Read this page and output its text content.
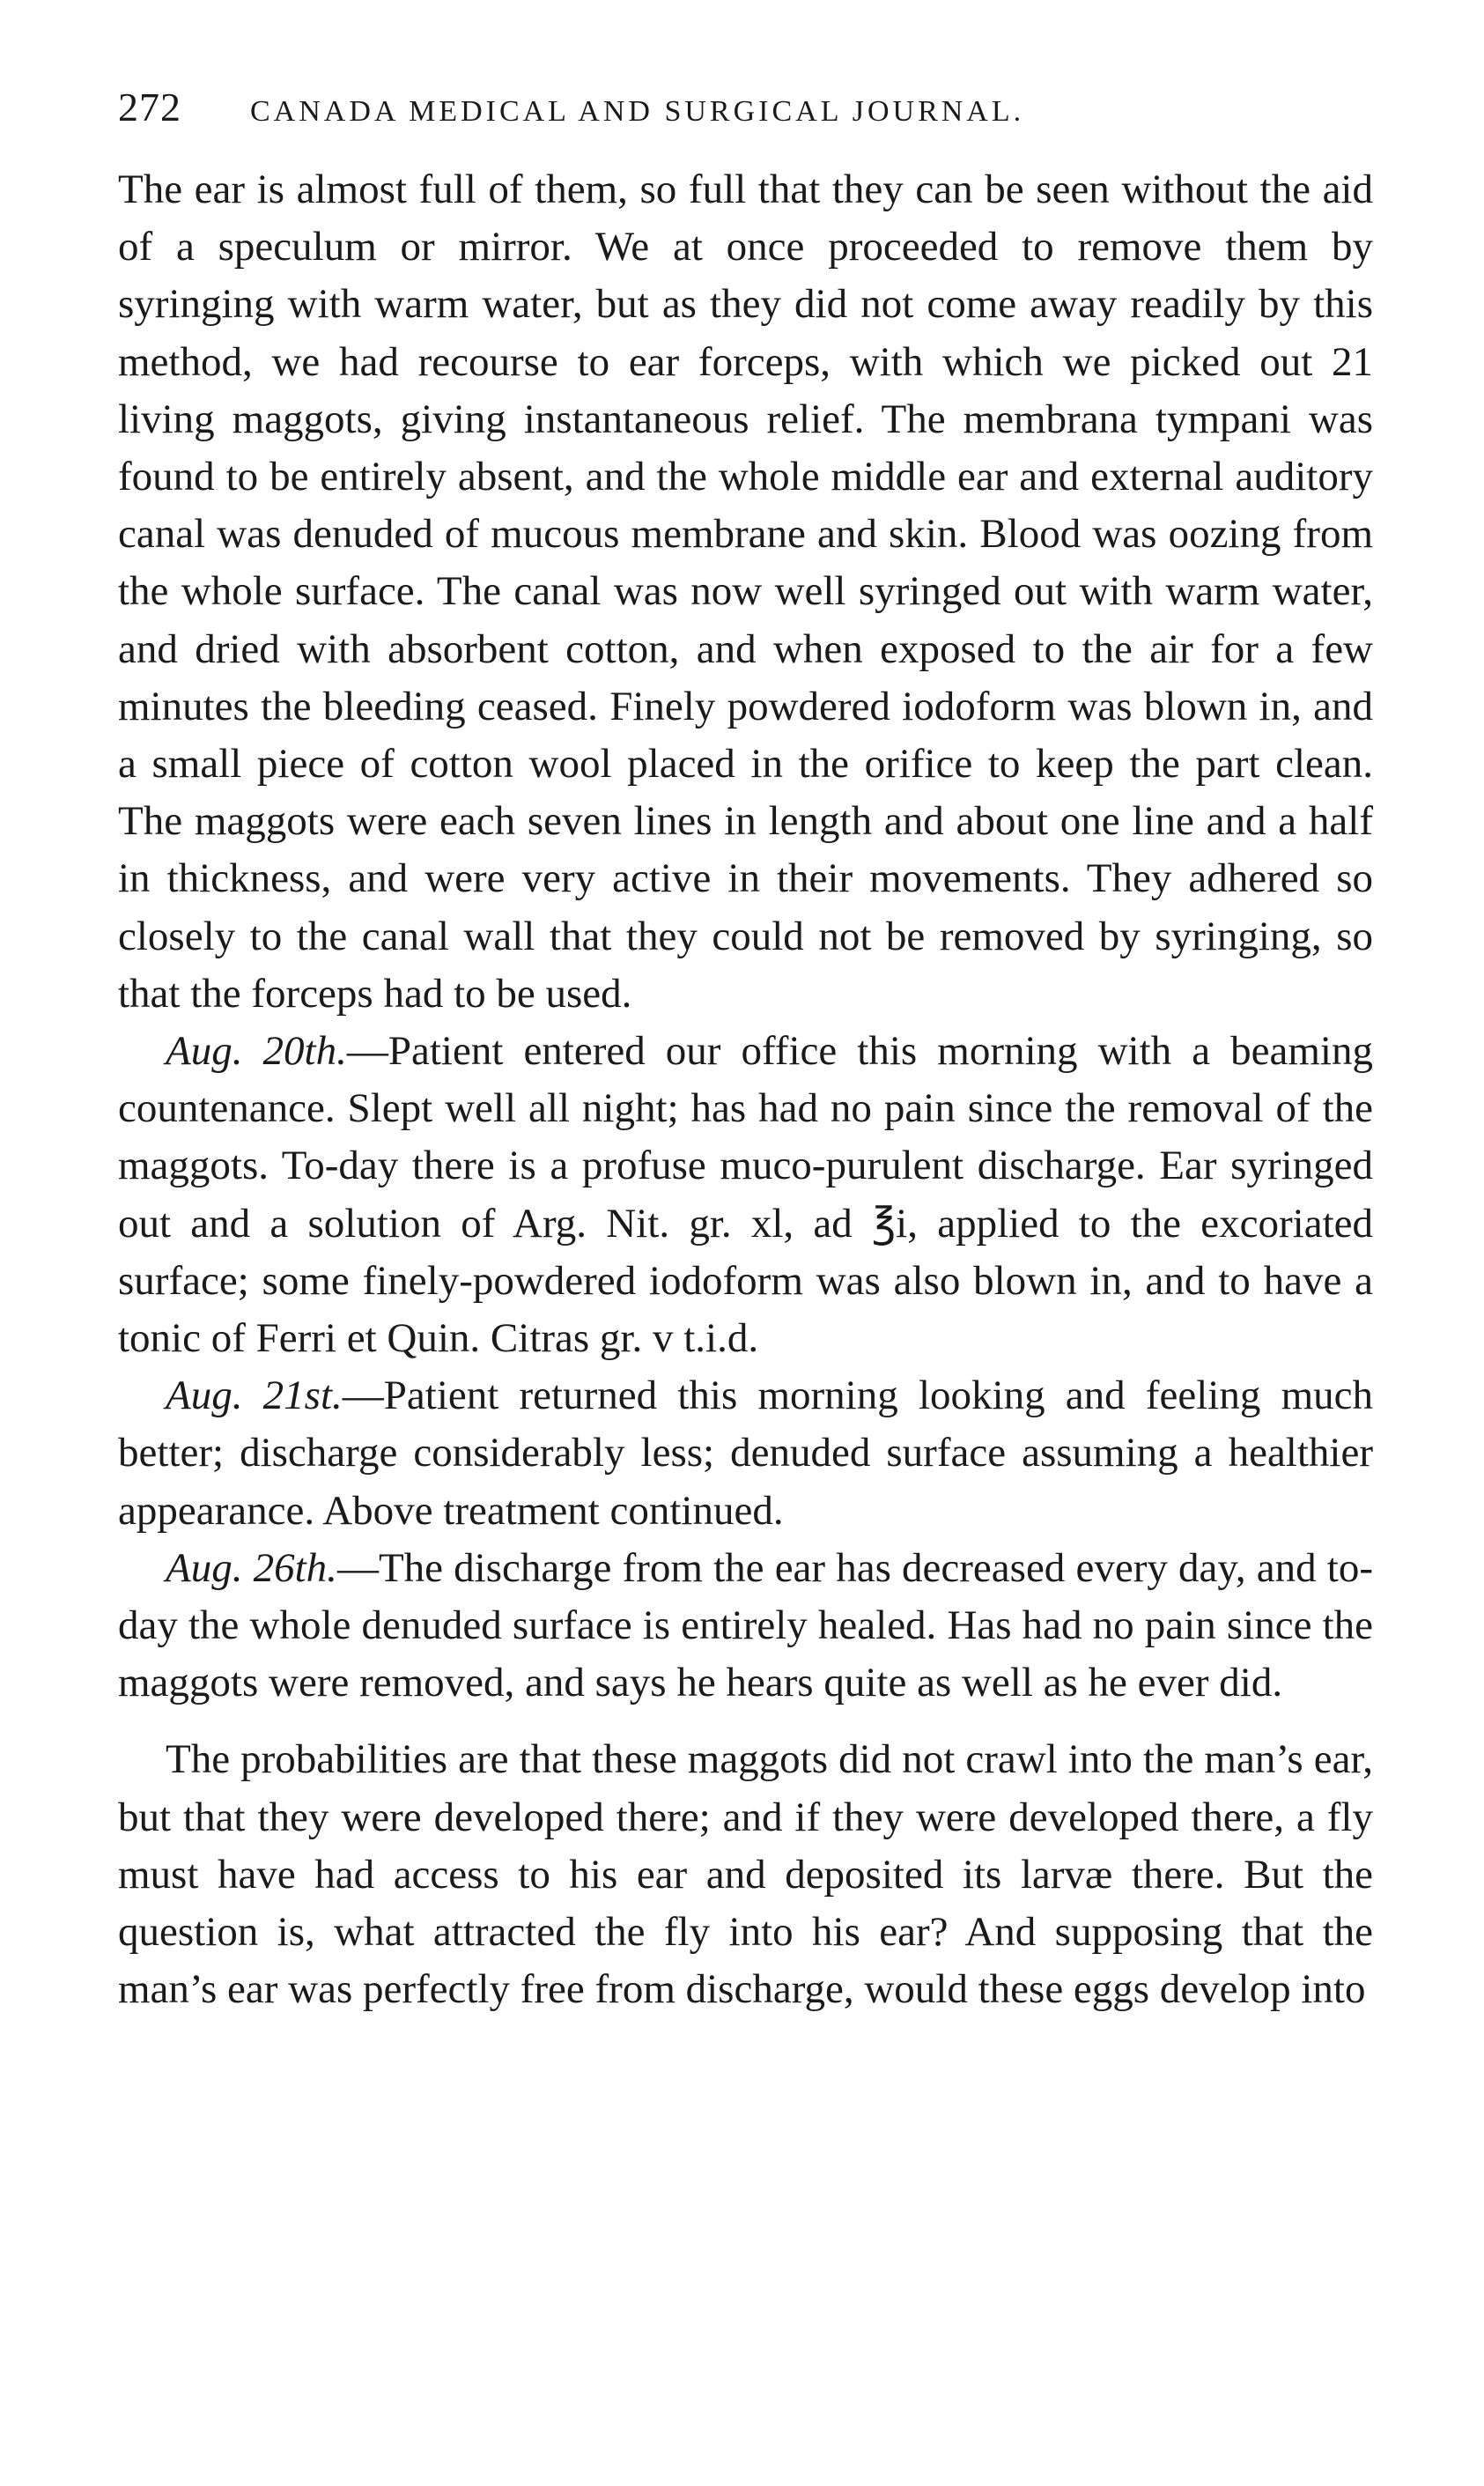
272	CANADA MEDICAL AND SURGICAL JOURNAL.

The ear is almost full of them, so full that they can be seen without the aid of a speculum or mirror. We at once proceeded to remove them by syringing with warm water, but as they did not come away readily by this method, we had recourse to ear forceps, with which we picked out 21 living maggots, giving instantaneous relief. The membrana tympani was found to be entirely absent, and the whole middle ear and external auditory canal was denuded of mucous membrane and skin. Blood was oozing from the whole surface. The canal was now well syringed out with warm water, and dried with absorbent cotton, and when exposed to the air for a few minutes the bleeding ceased. Finely powdered iodoform was blown in, and a small piece of cotton wool placed in the orifice to keep the part clean. The maggots were each seven lines in length and about one line and a half in thickness, and were very active in their movements. They adhered so closely to the canal wall that they could not be removed by syringing, so that the forceps had to be used.

Aug. 20th.—Patient entered our office this morning with a beaming countenance. Slept well all night; has had no pain since the removal of the maggots. To-day there is a profuse muco-purulent discharge. Ear syringed out and a solution of Arg. Nit. gr. xl, ad ℥i, applied to the excoriated surface; some finely-powdered iodoform was also blown in, and to have a tonic of Ferri et Quin. Citras gr. v t.i.d.

Aug. 21st.—Patient returned this morning looking and feeling much better; discharge considerably less; denuded surface assuming a healthier appearance. Above treatment continued.

Aug. 26th.—The discharge from the ear has decreased every day, and to-day the whole denuded surface is entirely healed. Has had no pain since the maggots were removed, and says he hears quite as well as he ever did.

The probabilities are that these maggots did not crawl into the man’s ear, but that they were developed there; and if they were developed there, a fly must have had access to his ear and deposited its larvæ there. But the question is, what attracted the fly into his ear? And supposing that the man’s ear was perfectly free from discharge, would these eggs develop into
